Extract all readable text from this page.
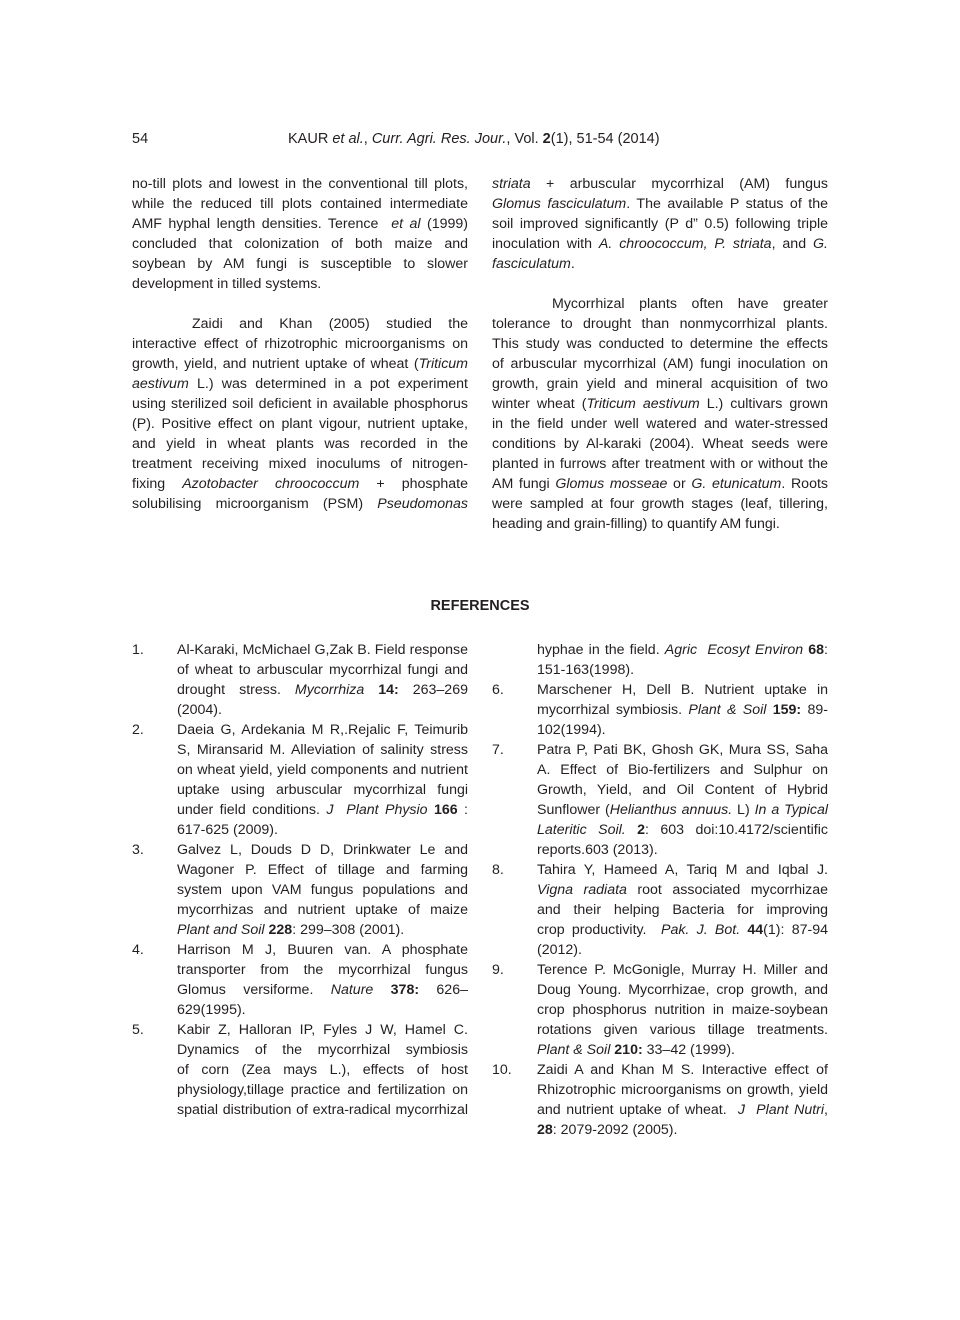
54	KAUR et al., Curr. Agri. Res. Jour., Vol. 2(1), 51-54 (2014)
no-till plots and lowest in the conventional till plots,
while the reduced till plots contained intermediate
AMF hyphal length densities. Terence  et al (1999)
concluded that colonization of both maize and
soybean by AM fungi is susceptible to slower
development in tilled systems.
Zaidi and Khan (2005) studied the
interactive effect of rhizotrophic microorganisms on
growth, yield, and nutrient uptake of wheat (Triticum
aestivum L.) was determined in a pot experiment
using sterilized soil deficient in available phosphorus
(P). Positive effect on plant vigour, nutrient uptake,
and yield in wheat plants was recorded in the
treatment receiving mixed inoculums of nitrogen-
fixing Azotobacter chroococcum + phosphate
solubilising microorganism (PSM) Pseudomonas
striata + arbuscular mycorrhizal (AM) fungus
Glomus fasciculatum. The available P status of the
soil improved significantly (P d” 0.5) following triple
inoculation with A. chroococcum, P. striata, and G.
fasciculatum.
Mycorrhizal plants often have greater
tolerance to drought than nonmycorrhizal plants.
This study was conducted to determine the effects
of arbuscular mycorrhizal (AM) fungi inoculation on
growth, grain yield and mineral acquisition of two
winter wheat (Triticum aestivum L.) cultivars grown
in the field under well watered and water-stressed
conditions by Al-karaki (2004). Wheat seeds were
planted in furrows after treatment with or without the
AM fungi Glomus mosseae or G. etunicatum. Roots
were sampled at four growth stages (leaf, tillering,
heading and grain-filling) to quantify AM fungi.
REFERENCES
1. Al-Karaki, McMichael G,Zak B. Field response
of wheat to arbuscular mycorrhizal fungi and
drought stress. Mycorrhiza 14: 263–269
(2004).
2. Daeia G, Ardekania M R,.Rejalic F, Teimurib
S, Miransarid M. Alleviation of salinity stress
on wheat yield, yield components and nutrient
uptake using arbuscular mycorrhizal fungi
under field conditions. J  Plant Physio 166 :
617-625 (2009).
3. Galvez L, Douds D D, Drinkwater Le and
Wagoner P. Effect of tillage and farming
system upon VAM fungus populations and
mycorrhizas and nutrient uptake of maize
Plant and Soil 228: 299–308 (2001).
4. Harrison M J, Buuren van. A phosphate
transporter from the mycorrhizal fungus
Glomus versiforme. Nature 378: 626–
629(1995).
5. Kabir Z, Halloran IP, Fyles J W, Hamel C.
Dynamics of the mycorrhizal symbiosis
of corn (Zea mays L.), effects of host
physiology,tillage practice and fertilization on
spatial distribution of extra-radical mycorrhizal
hyphae in the field. Agric  Ecosyt Environ 68:
151-163(1998).
6. Marschener H, Dell B. Nutrient uptake in
mycorrhizal symbiosis. Plant & Soil 159: 89-
102(1994).
7. Patra P, Pati BK, Ghosh GK, Mura SS, Saha
A. Effect of Bio-fertilizers and Sulphur on
Growth, Yield, and Oil Content of Hybrid
Sunflower (Helianthus annuus. L) In a Typical
Lateritic Soil. 2: 603 doi:10.4172/scientific
reports.603 (2013).
8. Tahira Y, Hameed A, Tariq M and Iqbal J.
Vigna radiata root associated mycorrhizae
and their helping Bacteria for improving
crop productivity.  Pak. J. Bot. 44(1): 87-94
(2012).
9. Terence P. McGonigle, Murray H. Miller and
Doug Young. Mycorrhizae, crop growth, and
crop phosphorus nutrition in maize-soybean
rotations given various tillage treatments.
Plant & Soil 210: 33–42 (1999).
10. Zaidi A and Khan M S. Interactive effect of
Rhizotrophic microorganisms on growth, yield
and nutrient uptake of wheat.  J  Plant Nutri,
28: 2079-2092 (2005).
